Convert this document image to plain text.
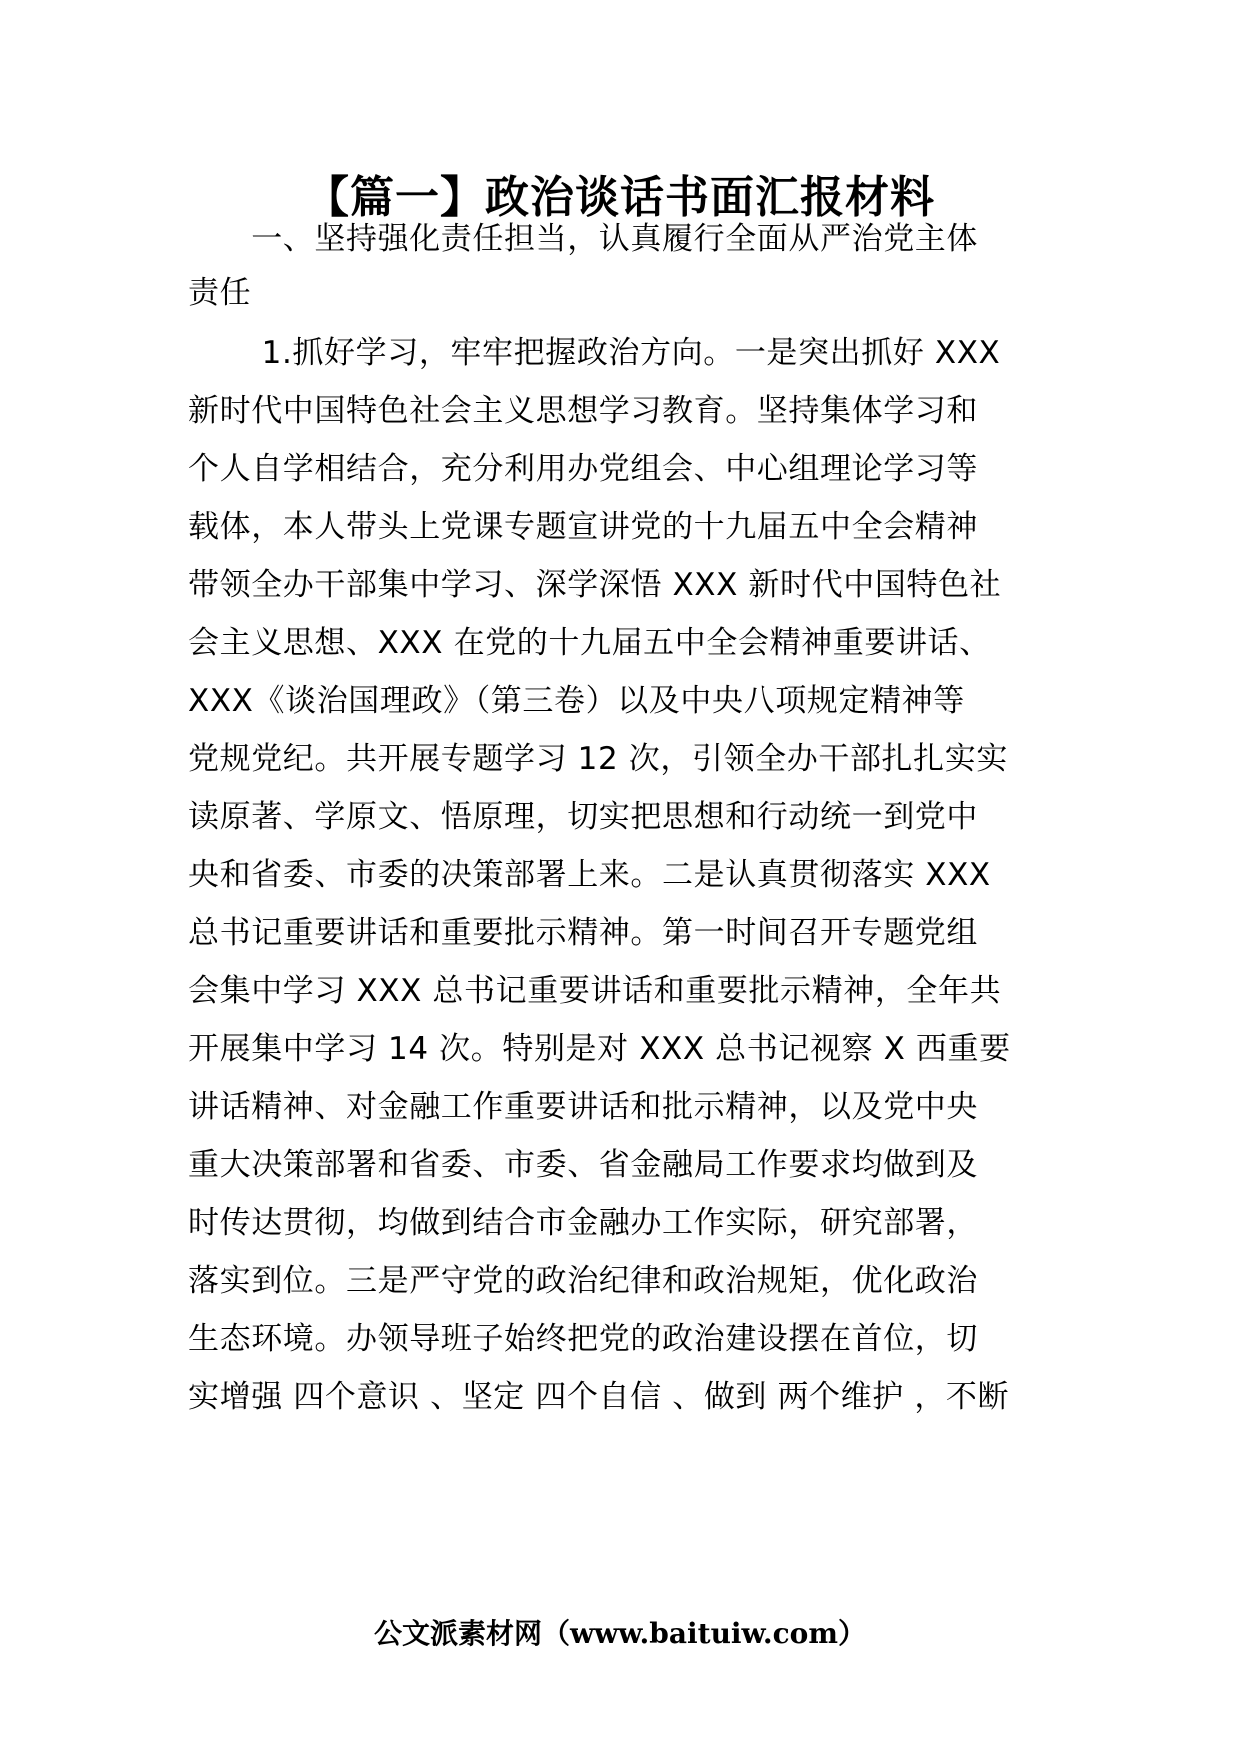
【篇一】政治谈话书面汇报材料
　　一、坚持强化责任担当，认真履行全面从严治党主体
责任
　　 1.抓好学习，牢牢把握政治方向。一是突出抓好 XXX
新时代中国特色社会主义思想学习教育。坚持集体学习和
个人自学相结合，充分利用办党组会、中心组理论学习等
载体，本人带头上党课专题宣讲党的十九届五中全会精神
带领全办干部集中学习、深学深悟 XXX 新时代中国特色社
会主义思想、XXX 在党的十九届五中全会精神重要讲话、
XXX《谈治国理政》（第三卷）以及中央八项规定精神等
党规党纪。共开展专题学习 12 次，引领全办干部扎扎实实
读原著、学原文、悟原理，切实把思想和行动统一到党中
央和省委、市委的决策部署上来。二是认真贯彻落实 XXX
总书记重要讲话和重要批示精神。第一时间召开专题党组
会集中学习 XXX 总书记重要讲话和重要批示精神，全年共
开展集中学习 14 次。特别是对 XXX 总书记视察 X 西重要
讲话精神、对金融工作重要讲话和批示精神，以及党中央
重大决策部署和省委、市委、省金融局工作要求均做到及
时传达贯彻，均做到结合市金融办工作实际，研究部署，
落实到位。三是严守党的政治纪律和政治规矩，优化政治
生态环境。办领导班子始终把党的政治建设摆在首位，切
实增强 四个意识 、坚定 四个自信 、做到 两个维护 ，不断
公文派素材网（www.baituiw.com）
